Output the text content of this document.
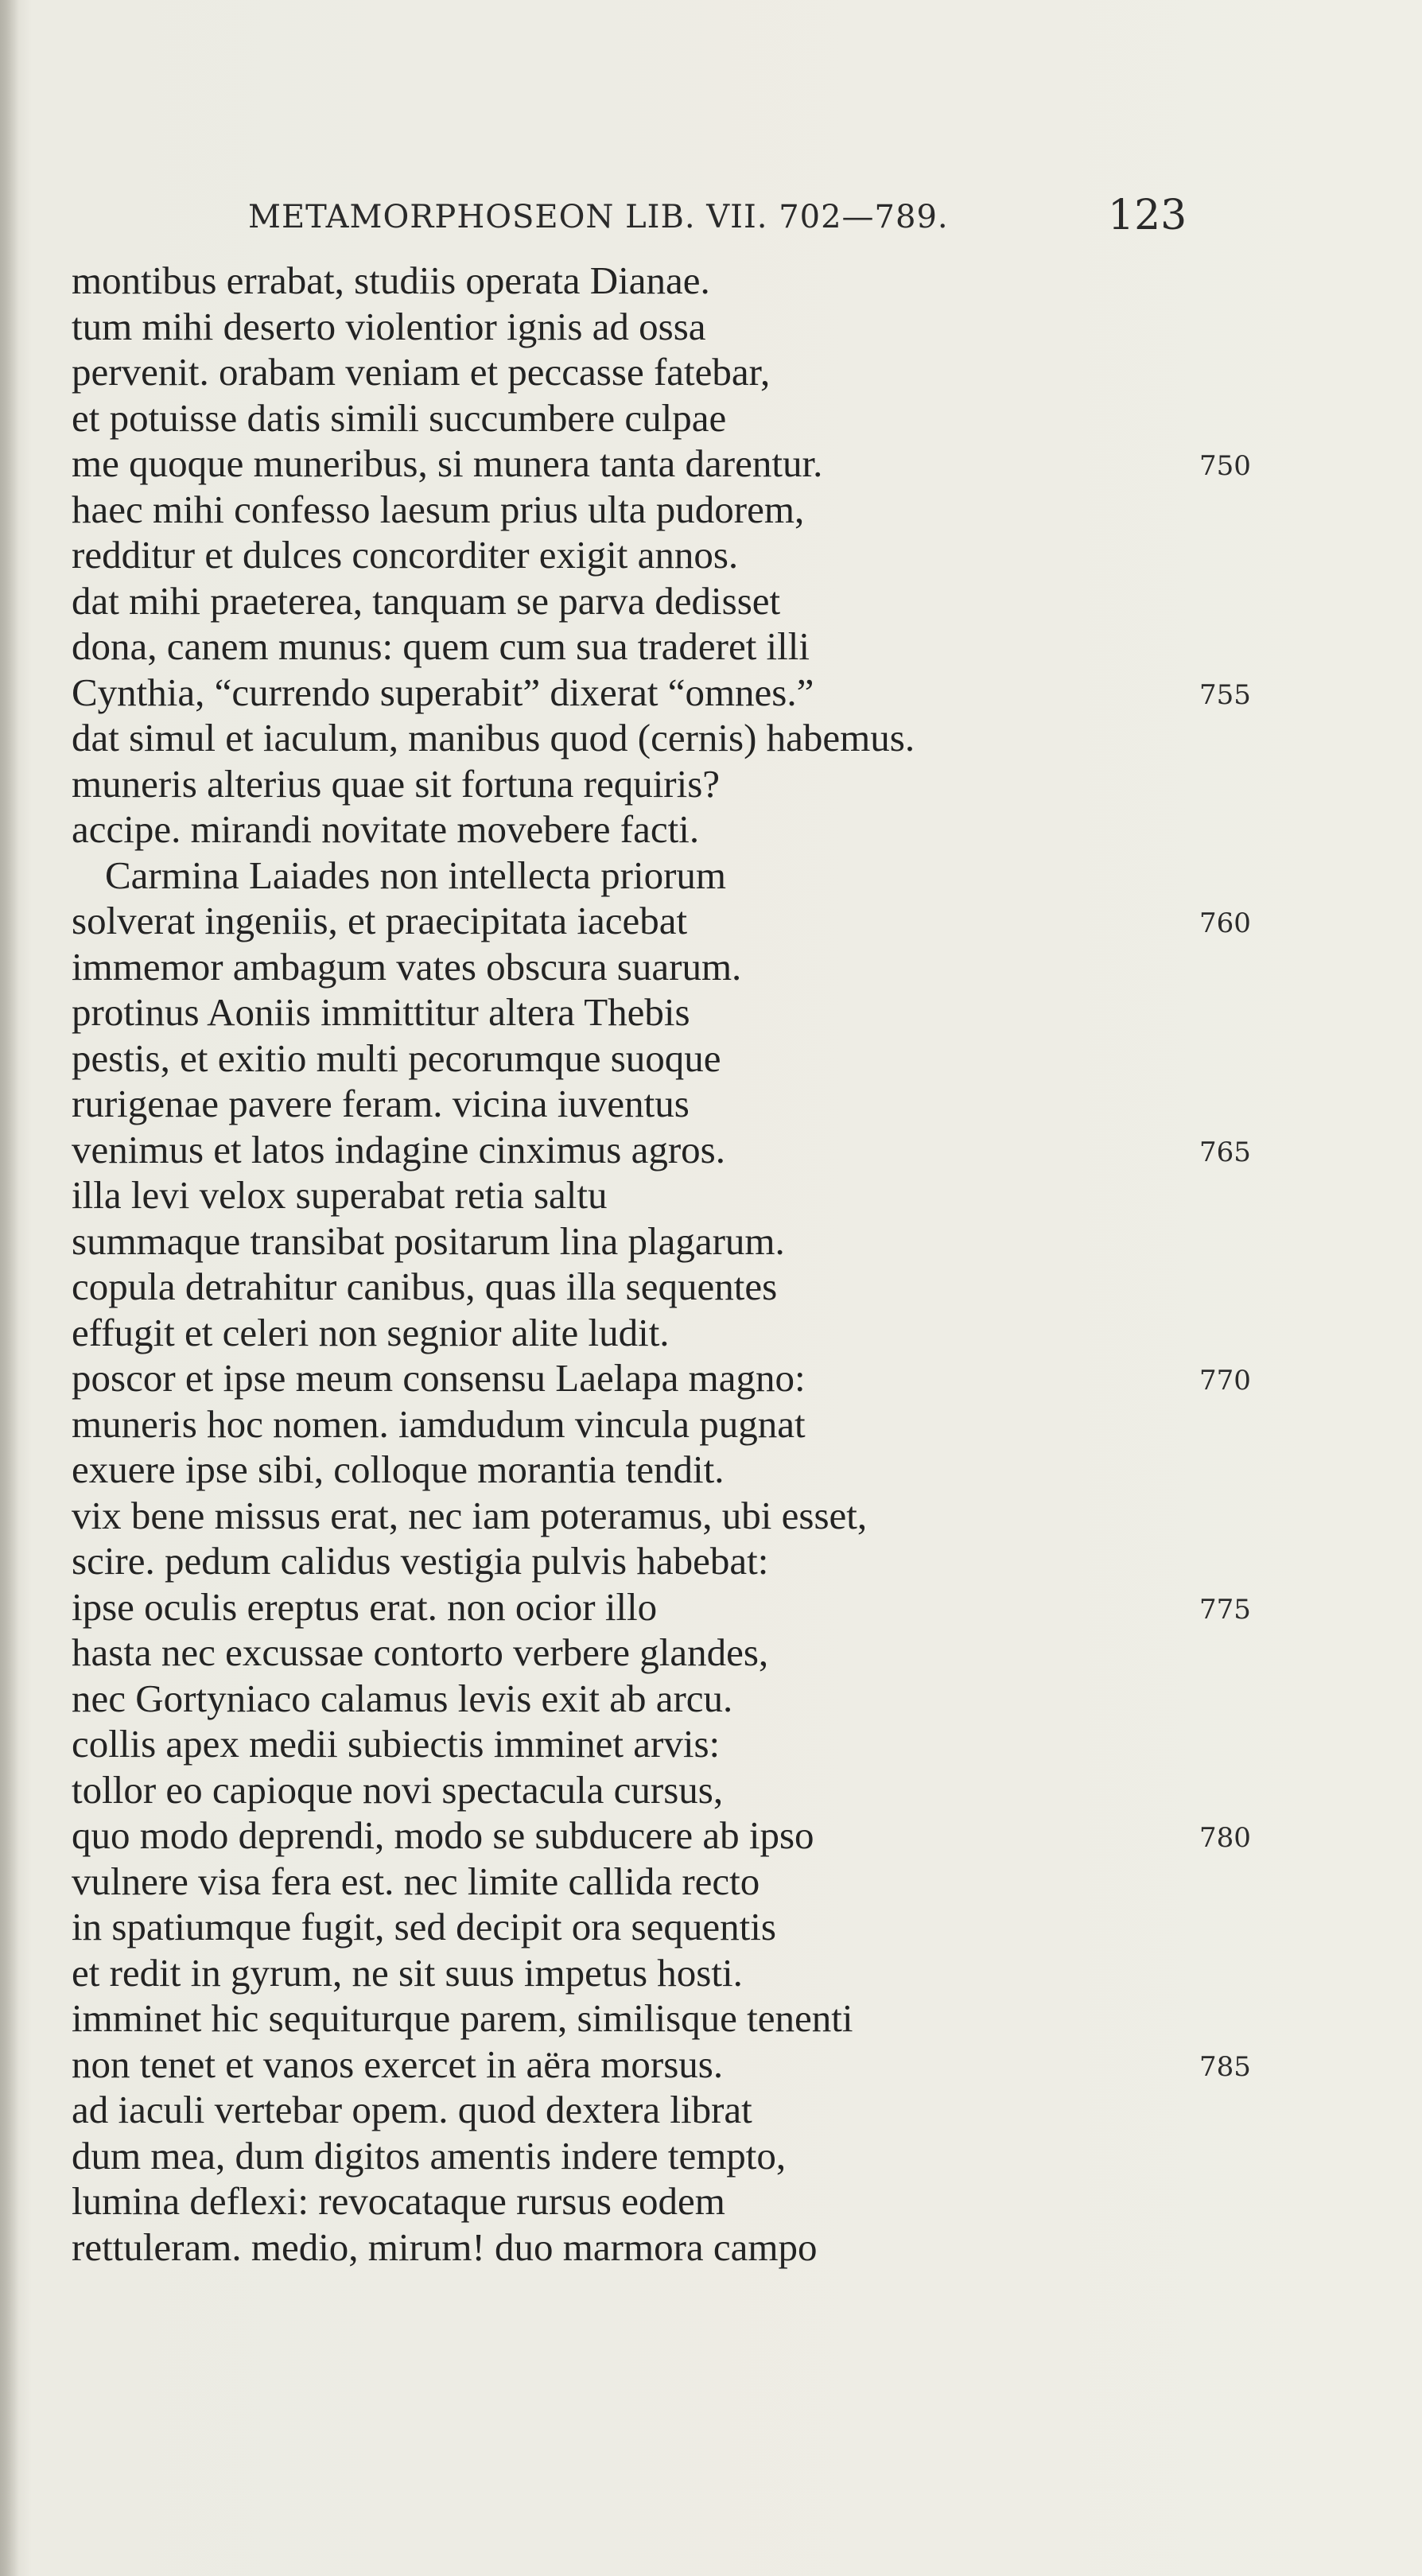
METAMORPHOSEON LIB. VII. 702—789.	123
montibus errabat, studiis operata Dianae.
tum mihi deserto violentior ignis ad ossa
pervenit. orabam veniam et peccasse fatebar,
et potuisse datis simili succumbere culpae
me quoque muneribus, si munera tanta darentur.	750
haec mihi confesso laesum prius ulta pudorem,
redditur et dulces concorditer exigit annos.
dat mihi praeterea, tanquam se parva dedisset
dona, canem munus: quem cum sua traderet illi
Cynthia, “currendo superabit” dixerat “omnes.”	755
dat simul et iaculum, manibus quod (cernis) habemus.
muneris alterius quae sit fortuna requiris?
accipe. mirandi novitate movebere facti.
Carmina Laiades non intellecta priorum
solverat ingeniis, et praecipitata iacebat	760
immemor ambagum vates obscura suarum.
protinus Aoniis immittitur altera Thebis
pestis, et exitio multi pecorumque suoque
rurigenae pavere feram. vicina iuventus
venimus et latos indagine cinximus agros.	765
illa levi velox superabat retia saltu
summaque transibat positarum lina plagarum.
copula detrahitur canibus, quas illa sequentes
effugit et celeri non segnior alite ludit.
poscor et ipse meum consensu Laelapa magno:	770
muneris hoc nomen. iamdudum vincula pugnat
exuere ipse sibi, colloque morantia tendit.
vix bene missus erat, nec iam poteramus, ubi esset,
scire. pedum calidus vestigia pulvis habebat:
ipse oculis ereptus erat. non ocior illo	775
hasta nec excussae contorto verbere glandes,
nec Gortyniaco calamus levis exit ab arcu.
collis apex medii subiectis imminet arvis:
tollor eo capioque novi spectacula cursus,
quo modo deprendi, modo se subducere ab ipso	780
vulnere visa fera est. nec limite callida recto
in spatiumque fugit, sed decipit ora sequentis
et redit in gyrum, ne sit suus impetus hosti.
imminet hic sequiturque parem, similisque tenenti
non tenet et vanos exercet in aëra morsus.	785
ad iaculi vertebar opem. quod dextera librat
dum mea, dum digitos amentis indere tempto,
lumina deflexi: revocataque rursus eodem
rettuleram. medio, mirum! duo marmora campo
